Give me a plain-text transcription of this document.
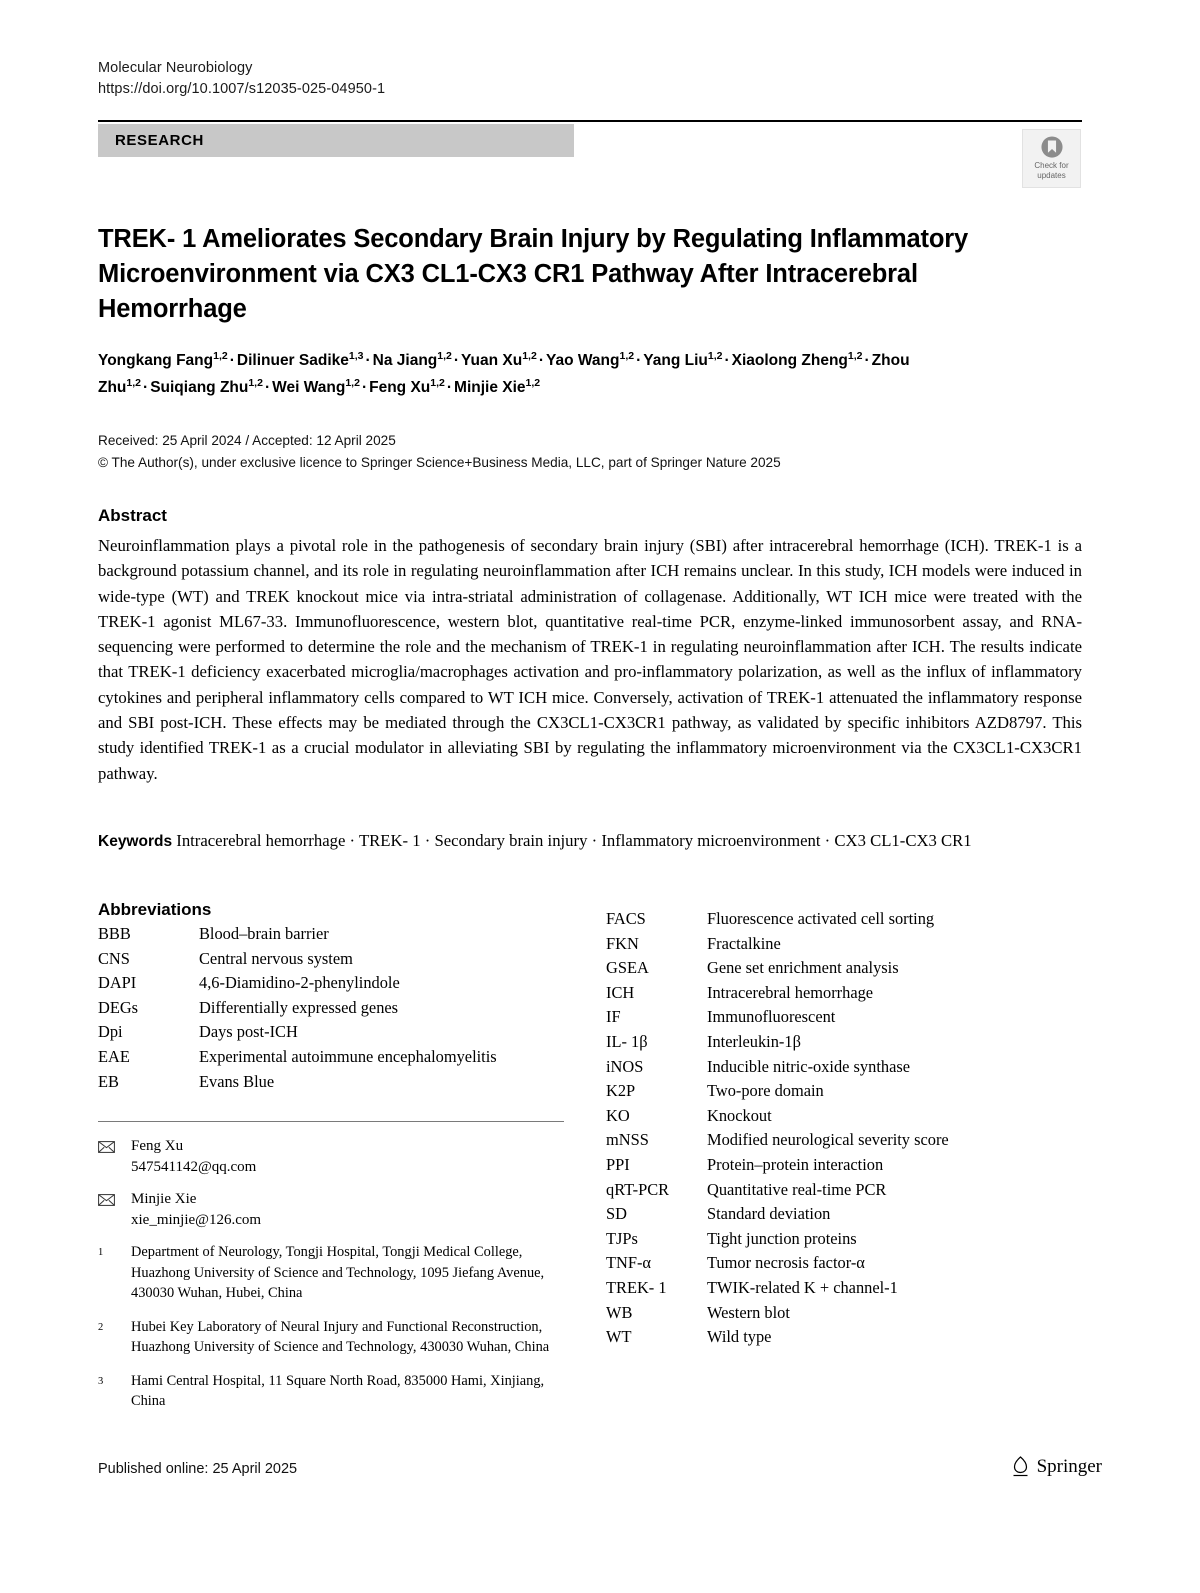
Molecular Neurobiology
https://doi.org/10.1007/s12035-025-04950-1
RESEARCH
Check for
updates
TREK- 1 Ameliorates Secondary Brain Injury by Regulating Inflammatory Microenvironment via CX3 CL1-CX3 CR1 Pathway After Intracerebral Hemorrhage
Yongkang Fang$^{1,2}$ · Dilinuer Sadike$^{1,3}$ · Na Jiang$^{1,2}$ · Yuan Xu$^{1,2}$ · Yao Wang$^{1,2}$ · Yang Liu$^{1,2}$ · Xiaolong Zheng$^{1,2}$ · Zhou Zhu$^{1,2}$ · Suiqiang Zhu$^{1,2}$ · Wei Wang$^{1,2}$ · Feng Xu$^{1,2}$ · Minjie Xie$^{1,2}$
Received: 25 April 2024 / Accepted: 12 April 2025
© The Author(s), under exclusive licence to Springer Science+Business Media, LLC, part of Springer Nature 2025
Abstract
Neuroinflammation plays a pivotal role in the pathogenesis of secondary brain injury (SBI) after intracerebral hemorrhage (ICH). TREK-1 is a background potassium channel, and its role in regulating neuroinflammation after ICH remains unclear. In this study, ICH models were induced in wide-type (WT) and TREK knockout mice via intra-striatal administration of collagenase. Additionally, WT ICH mice were treated with the TREK-1 agonist ML67-33. Immunofluorescence, western blot, quantitative real-time PCR, enzyme-linked immunosorbent assay, and RNA-sequencing were performed to determine the role and the mechanism of TREK-1 in regulating neuroinflammation after ICH. The results indicate that TREK-1 deficiency exacerbated microglia/macrophages activation and pro-inflammatory polarization, as well as the influx of inflammatory cytokines and peripheral inflammatory cells compared to WT ICH mice. Conversely, activation of TREK-1 attenuated the inflammatory response and SBI post-ICH. These effects may be mediated through the CX3CL1-CX3CR1 pathway, as validated by specific inhibitors AZD8797. This study identified TREK-1 as a crucial modulator in alleviating SBI by regulating the inflammatory microenvironment via the CX3CL1-CX3CR1 pathway.
Keywords Intracerebral hemorrhage · TREK- 1 · Secondary brain injury · Inflammatory microenvironment · CX3 CL1-CX3 CR1
Abbreviations
BBB	Blood–brain barrier
CNS	Central nervous system
DAPI	4,6-Diamidino-2-phenylindole
DEGs	Differentially expressed genes
Dpi	Days post-ICH
EAE	Experimental autoimmune encephalomyelitis
EB	Evans Blue
Feng Xu
547541142@qq.com
Minjie Xie
xie_minjie@126.com
1	Department of Neurology, Tongji Hospital, Tongji Medical College, Huazhong University of Science and Technology, 1095 Jiefang Avenue, 430030 Wuhan, Hubei, China
2	Hubei Key Laboratory of Neural Injury and Functional Reconstruction, Huazhong University of Science and Technology, 430030 Wuhan, China
3	Hami Central Hospital, 11 Square North Road, 835000 Hami, Xinjiang, China
FACS	Fluorescence activated cell sorting
FKN	Fractalkine
GSEA	Gene set enrichment analysis
ICH	Intracerebral hemorrhage
IF	Immunofluorescent
IL- 1β	Interleukin-1β
iNOS	Inducible nitric-oxide synthase
K2P	Two-pore domain
KO	Knockout
mNSS	Modified neurological severity score
PPI	Protein–protein interaction
qRT-PCR	Quantitative real-time PCR
SD	Standard deviation
TJPs	Tight junction proteins
TNF-α	Tumor necrosis factor-α
TREK- 1	TWIK-related K + channel-1
WB	Western blot
WT	Wild type
Published online: 25 April 2025	Springer
